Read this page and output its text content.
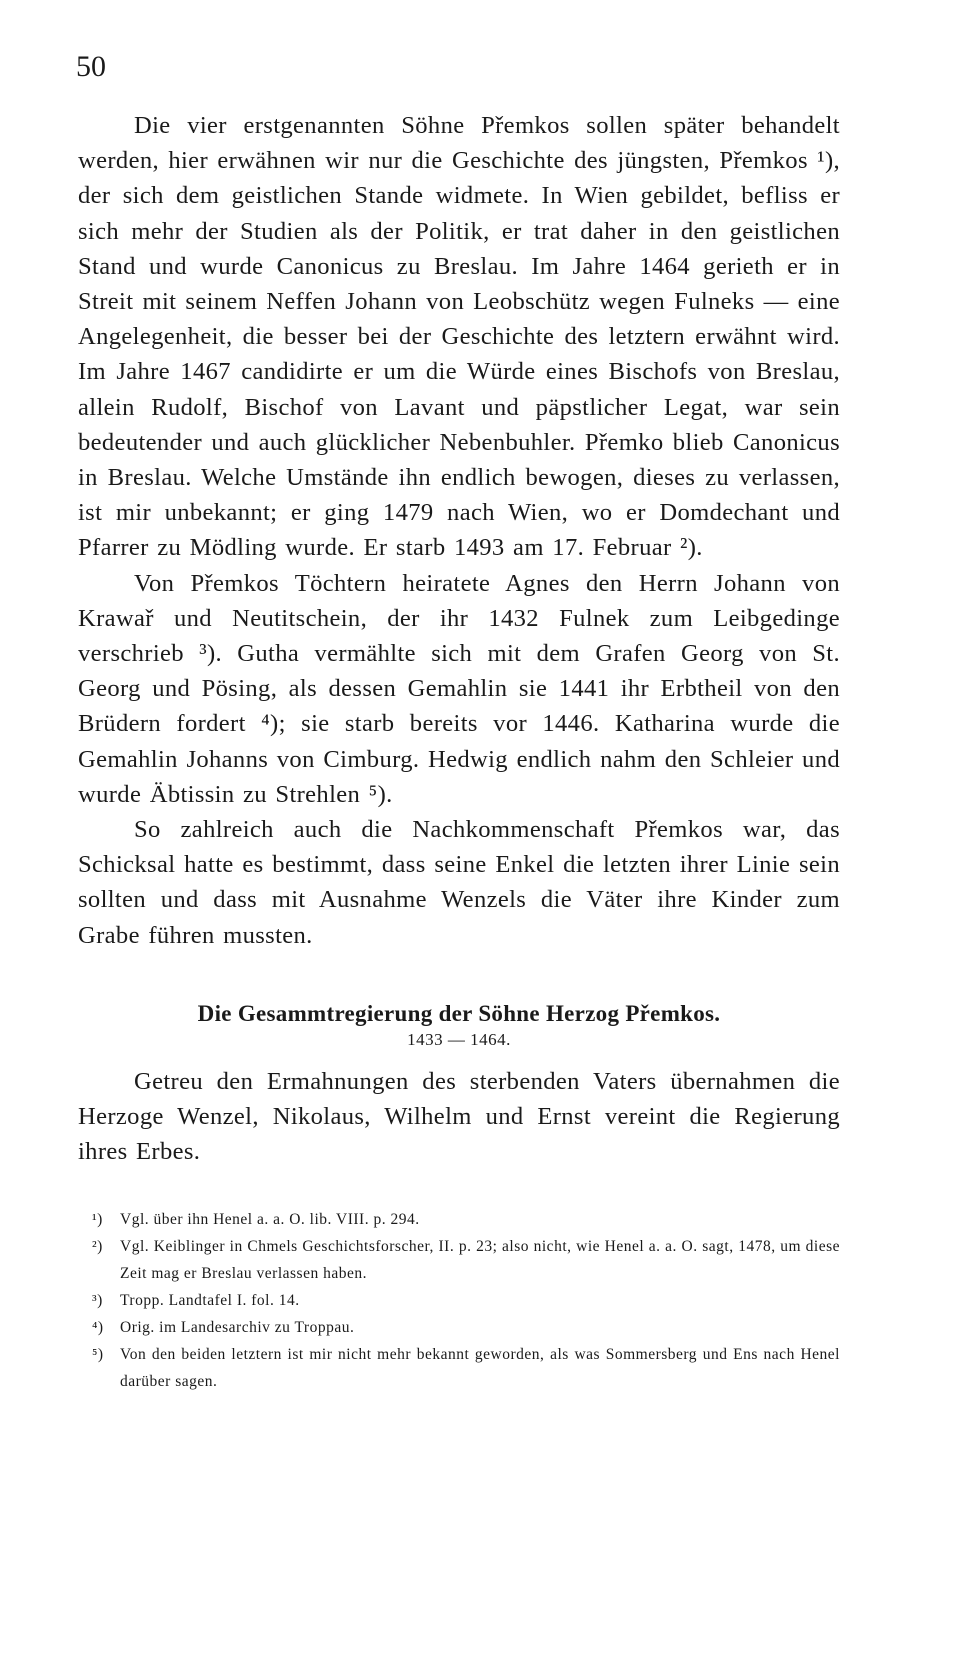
50

Die vier erstgenannten Söhne Přemkos sollen später behandelt werden, hier erwähnen wir nur die Geschichte des jüngsten, Přemkos ¹), der sich dem geistlichen Stande widmete. In Wien gebildet, befliss er sich mehr der Studien als der Politik, er trat daher in den geistlichen Stand und wurde Canonicus zu Breslau. Im Jahre 1464 gerieth er in Streit mit seinem Neffen Johann von Leobschütz wegen Fulneks — eine Angelegenheit, die besser bei der Geschichte des letztern erwähnt wird. Im Jahre 1467 candidirte er um die Würde eines Bischofs von Breslau, allein Rudolf, Bischof von Lavant und päpstlicher Legat, war sein bedeutender und auch glücklicher Nebenbuhler. Přemko blieb Canonicus in Breslau. Welche Umstände ihn endlich bewogen, dieses zu verlassen, ist mir unbekannt; er ging 1479 nach Wien, wo er Domdechant und Pfarrer zu Mödling wurde. Er starb 1493 am 17. Februar ²).

Von Přemkos Töchtern heiratete Agnes den Herrn Johann von Krawař und Neutitschein, der ihr 1432 Fulnek zum Leibgedinge verschrieb ³). Gutha vermählte sich mit dem Grafen Georg von St. Georg und Pösing, als dessen Gemahlin sie 1441 ihr Erbtheil von den Brüdern fordert ⁴); sie starb bereits vor 1446. Katharina wurde die Gemahlin Johanns von Cimburg. Hedwig endlich nahm den Schleier und wurde Äbtissin zu Strehlen ⁵).

So zahlreich auch die Nachkommenschaft Přemkos war, das Schicksal hatte es bestimmt, dass seine Enkel die letzten ihrer Linie sein sollten und dass mit Ausnahme Wenzels die Väter ihre Kinder zum Grabe führen mussten.

Die Gesammtregierung der Söhne Herzog Přemkos.
1433 — 1464.

Getreu den Ermahnungen des sterbenden Vaters übernahmen die Herzoge Wenzel, Nikolaus, Wilhelm und Ernst vereint die Regierung ihres Erbes.

¹) Vgl. über ihn Henel a. a. O. lib. VIII. p. 294.

²) Vgl. Keiblinger in Chmels Geschichtsforscher, II. p. 23; also nicht, wie Henel a. a. O. sagt, 1478, um diese Zeit mag er Breslau verlassen haben.

³) Tropp. Landtafel I. fol. 14.

⁴) Orig. im Landesarchiv zu Troppau.

⁵) Von den beiden letztern ist mir nicht mehr bekannt geworden, als was Sommersberg und Ens nach Henel darüber sagen.
